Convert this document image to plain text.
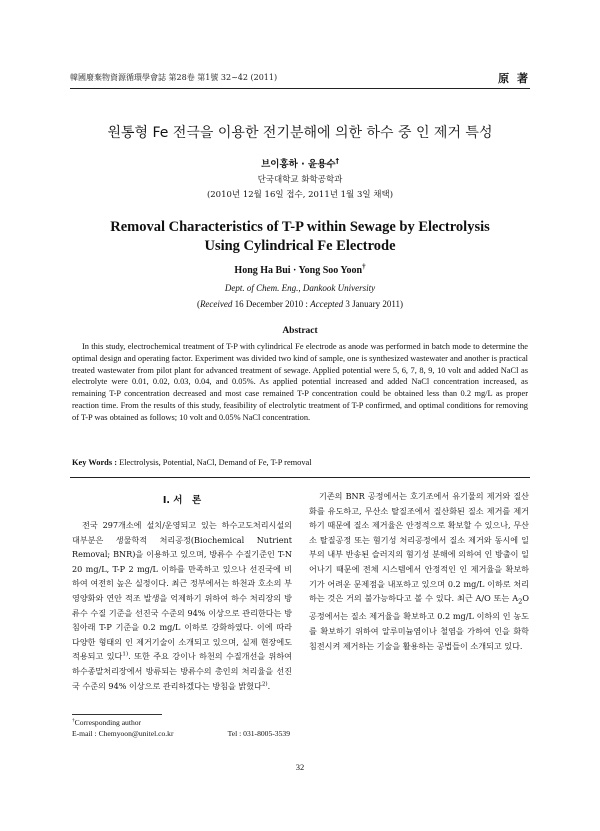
韓國廢棄物資源循環學會誌 第28卷 第1號 32~42 (2011)	原 著
원통형 Fe 전극을 이용한 전기분해에 의한 하수 중 인 제거 특성
브이홍하 · 윤용수†
단국대학교 화학공학과
(2010년 12월 16일 접수, 2011년 1월 3일 채택)
Removal Characteristics of T-P within Sewage by Electrolysis
Using Cylindrical Fe Electrode
Hong Ha Bui · Yong Soo Yoon†
Dept. of Chem. Eng., Dankook University
(Received 16 December 2010 : Accepted 3 January 2011)
Abstract
In this study, electrochemical treatment of T-P with cylindrical Fe electrode as anode was performed in batch mode to determine the optimal design and operating factor. Experiment was divided two kind of sample, one is synthesized wastewater and another is practical treated wastewater from pilot plant for advanced treatment of sewage. Applied potential were 5, 6, 7, 8, 9, 10 volt and added NaCl as electrolyte were 0.01, 0.02, 0.03, 0.04, and 0.05%. As applied potential increased and added NaCl concentration increased, as remaining T-P concentration decreased and most case remained T-P concentration could be obtained less than 0.2 mg/L as proper reaction time. From the results of this study, feasibility of electrolytic treatment of T-P confirmed, and optimal conditions for removing of T-P was obtained as follows; 10 volt and 0.05% NaCl concentration.
Key Words : Electrolysis, Potential, NaCl, Demand of Fe, T-P removal
I. 서　론

전국 297개소에 설치/운영되고 있는 하수고도처리시설의 대부분은 생물학적 처리공정(Biochemical Nutrient Removal; BNR)을 이용하고 있으며, 방류수 수질기준인 T-N 20 mg/L, T-P 2 mg/L 이하를 만족하고 있으나 선진국에 비하여 여전히 높은 실정이다. 최근 정부에서는 하천과 호소의 부영양화와 연안 적조 발생을 억제하기 위하여 하수 처리장의 방류수 수질 기준을 선진국 수준의 94% 이상으로 관리한다는 방침아래 T-P 기준을 0.2 mg/L 이하로 강화하였다. 이에 따라 다양한 형태의 인 제거기술이 소개되고 있으며, 실제 현장에도 적용되고 있다$^{1)}$. 또한 주요 강이나 하천의 수질개선을 위하여 하수종말처리장에서 방류되는 방류수의 총인의 처리율을 선진국 수준의 94% 이상으로 관리하겠다는 방침을 밝혔다$^{2)}$.

기존의 BNR 공정에서는 호기조에서 유기물의 제거와 질산화를 유도하고, 무산소 탈질조에서 질산화된 질소 제거를 제거하기 때문에 질소 제거율은 안정적으로 확보할 수 있으나, 무산소 탈질공정 또는 혐기성 처리공정에서 질소 제거와 동시에 일부의 내부 반송된 슬러지의 혐기성 분해에 의하여 인 방출이 일어나기 때문에 전체 시스템에서 안정적인 인 제거율을 확보하기가 어려운 문제점을 내포하고 있으며 0.2 mg/L 이하로 처리하는 것은 거의 불가능하다고 볼 수 있다. 최근 A/O 또는 $A_2O$ 공정에서는 질소 제거율을 확보하고 0.2 mg/L 이하의 인 농도를 확보하기 위하여 알루미늄염이나 철염을 가하여 인을 화학침전시켜 제거하는 기술을 활용하는 공법들이 소개되고 있다.

†Corresponding author
E-mail : Chemyoon@unitel.co.kr	Tel : 031-8005-3539
32
